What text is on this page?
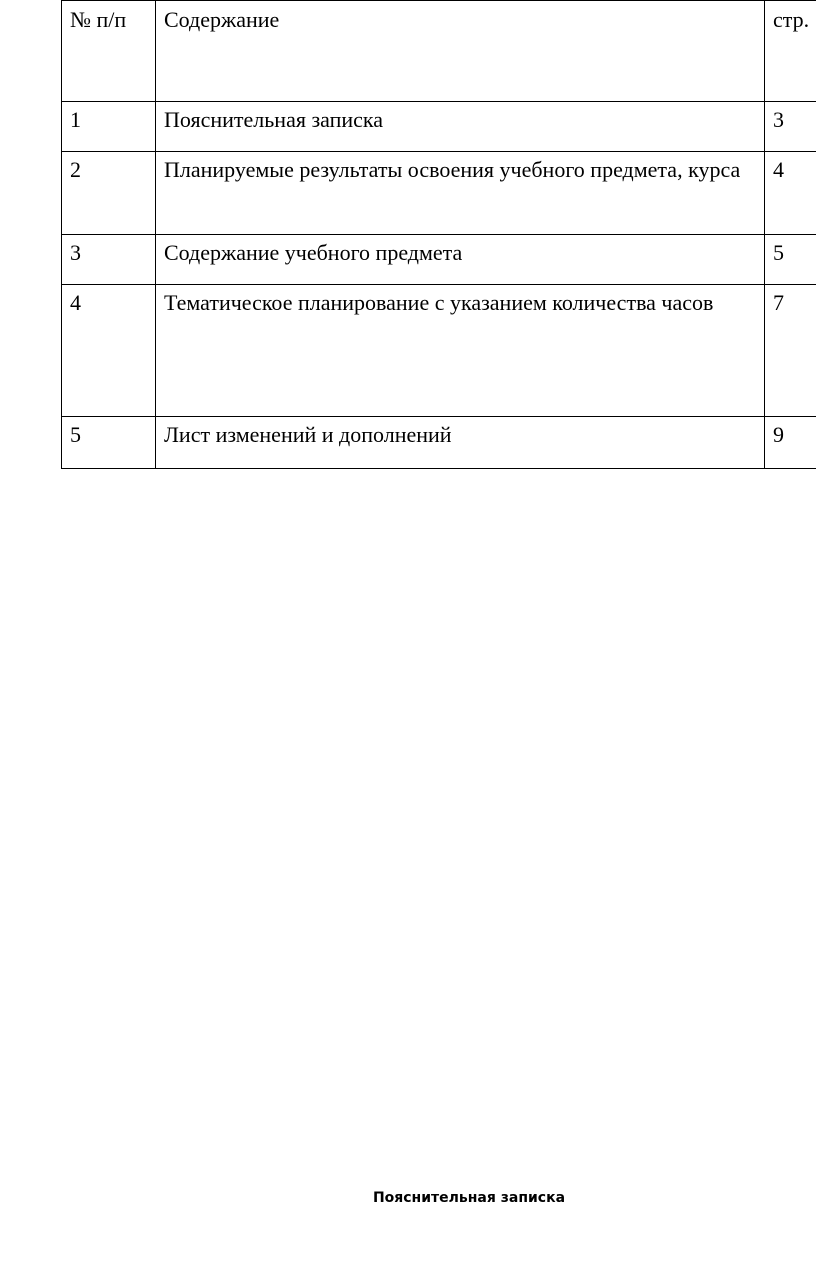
№ п/п	Содержание	стр.
1	Пояснительная записка	3
2	Планируемые результаты освоения учебного предмета, курса	4
3	Содержание учебного предмета	5
4	Тематическое планирование с указанием количества часов	7
5	Лист изменений и дополнений	9
Пояснительная записка
